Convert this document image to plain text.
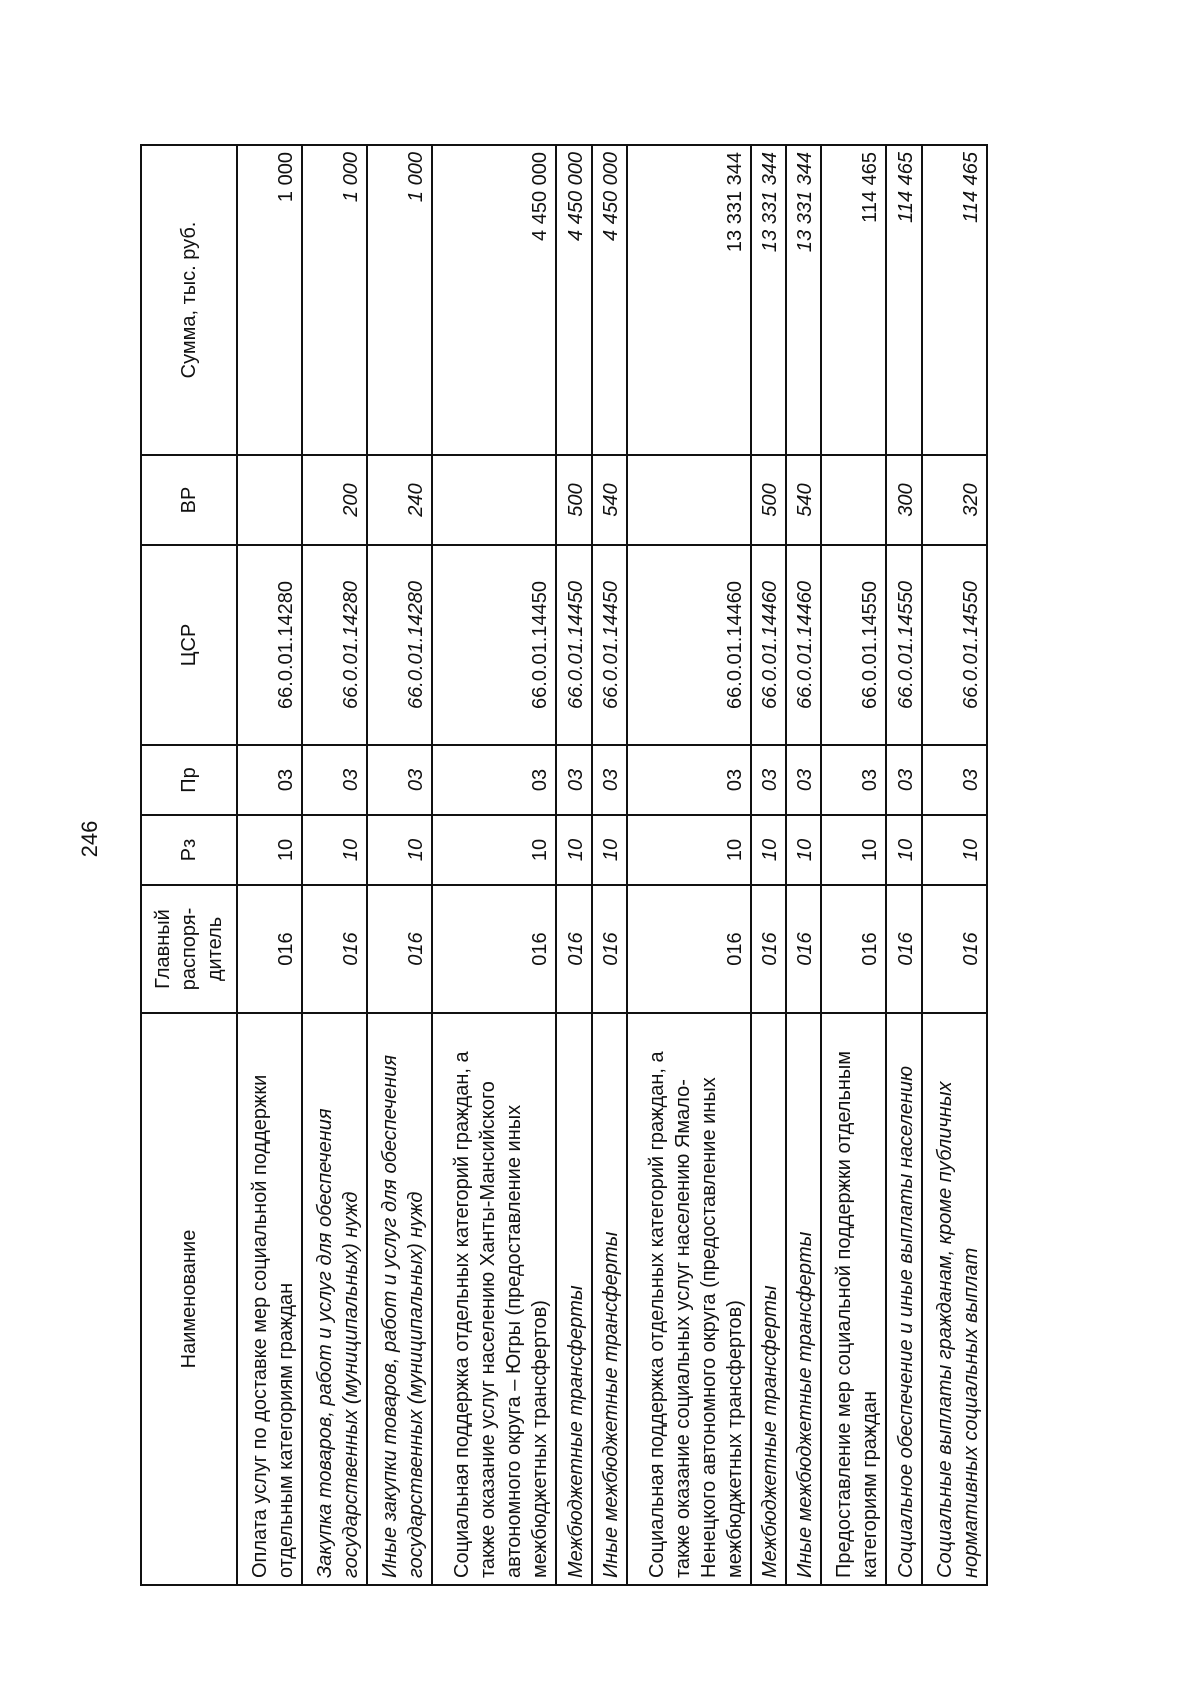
246
Наименование	Главный распоря-дитель	Рз	Пр	ЦСР	ВР	Сумма, тыс. руб.
Оплата услуг по доставке мер социальной поддержки отдельным категориям граждан	016	10	03	66.0.01.14280		1 000
Закупка товаров, работ и услуг для обеспечения государственных (муниципальных) нужд	016	10	03	66.0.01.14280	200	1 000
Иные закупки товаров, работ и услуг для обеспечения государственных (муниципальных) нужд	016	10	03	66.0.01.14280	240	1 000
Социальная поддержка отдельных категорий граждан, а также оказание услуг населению Ханты-Мансийского автономного округа – Югры (предоставление иных межбюджетных трансфертов)	016	10	03	66.0.01.14450		4 450 000
Межбюджетные трансферты	016	10	03	66.0.01.14450	500	4 450 000
Иные межбюджетные трансферты	016	10	03	66.0.01.14450	540	4 450 000
Социальная поддержка отдельных категорий граждан, а также оказание социальных услуг населению Ямало-Ненецкого автономного округа (предоставление иных межбюджетных трансфертов)	016	10	03	66.0.01.14460		13 331 344
Межбюджетные трансферты	016	10	03	66.0.01.14460	500	13 331 344
Иные межбюджетные трансферты	016	10	03	66.0.01.14460	540	13 331 344
Предоставление мер социальной поддержки отдельным категориям граждан	016	10	03	66.0.01.14550		114 465
Социальное обеспечение и иные выплаты населению	016	10	03	66.0.01.14550	300	114 465
Социальные выплаты гражданам, кроме публичных нормативных социальных выплат	016	10	03	66.0.01.14550	320	114 465
